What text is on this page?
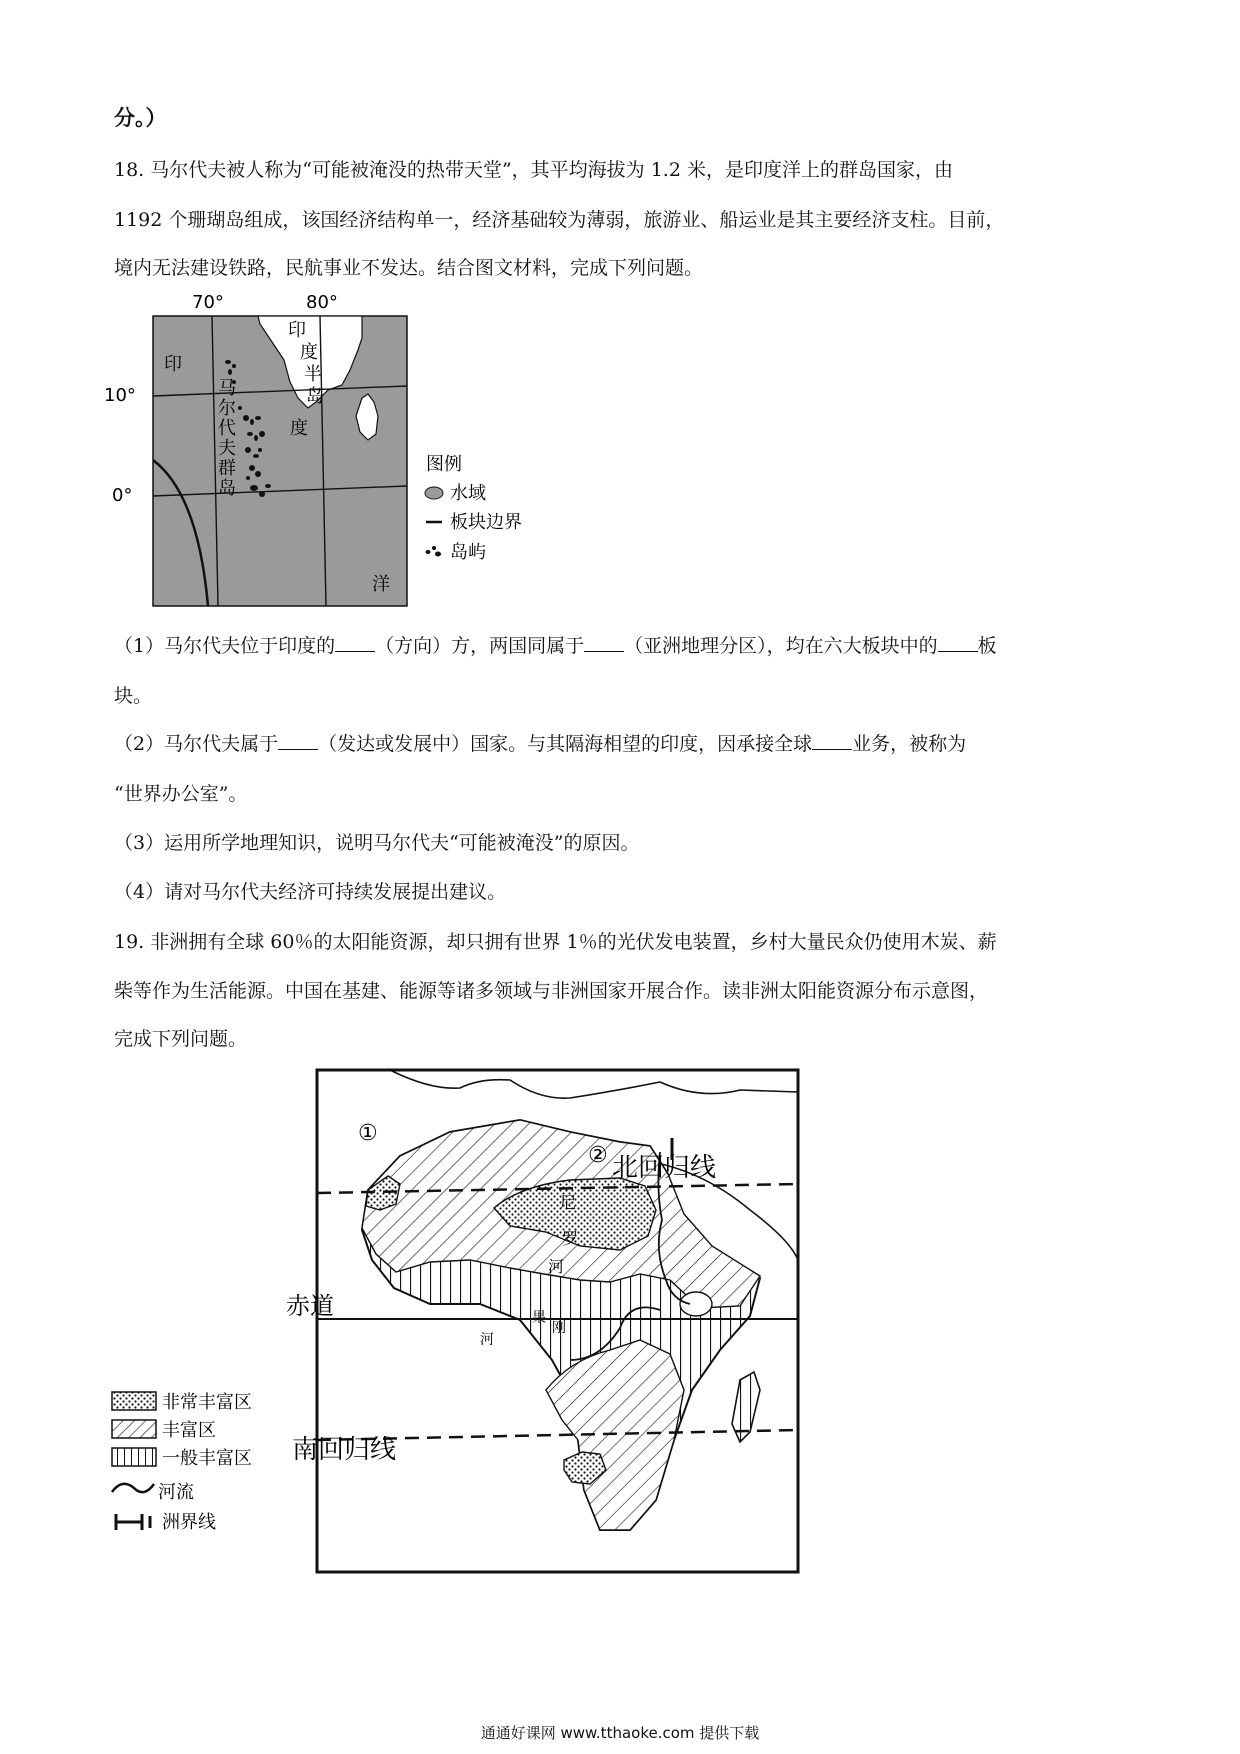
分。）
18. 马尔代夫被人称为“可能被淹没的热带天堂”，其平均海拔为 1.2 米，是印度洋上的群岛国家，由
1192 个珊瑚岛组成，该国经济结构单一，经济基础较为薄弱，旅游业、船运业是其主要经济支柱。目前，
境内无法建设铁路，民航事业不发达。结合图文材料，完成下列问题。
70°	80°
10°
0°
印
度
洋
印
度
半
岛
马
尔
代
夫
群
岛
图例
水域
板块边界
岛屿
（1）马尔代夫位于印度的 （方向）方，两国同属于 （亚洲地理分区），均在六大板块中的 板
块。
（2）马尔代夫属于 （发达或发展中）国家。与其隔海相望的印度，因承接全球 业务，被称为
“世界办公室”。
（3）运用所学地理知识，说明马尔代夫“可能被淹没”的原因。
（4）请对马尔代夫经济可持续发展提出建议。
19. 非洲拥有全球 60％的太阳能资源，却只拥有世界 1％的光伏发电装置，乡村大量民众仍使用木炭、薪
柴等作为生活能源。中国在基建、能源等诸多领域与非洲国家开展合作。读非洲太阳能资源分布示意图，
完成下列问题。
①
② 北回归线
赤道
南回归线
尼
罗
河
刚
果
河
非常丰富区
丰富区
一般丰富区
河流
洲界线
通通好课网 www.tthaoke.com 提供下载
